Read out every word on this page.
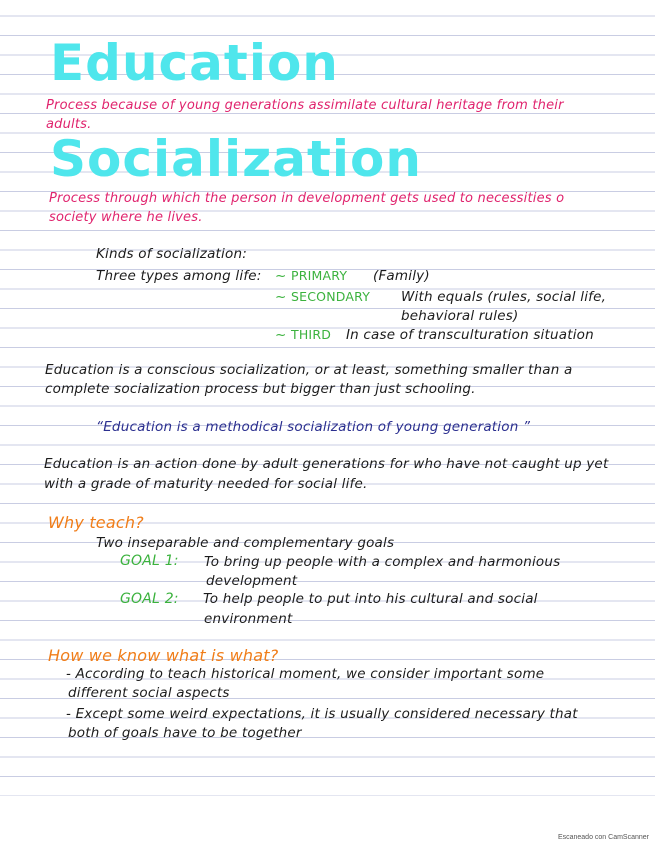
Education
Process because of young generations assimilate cultural heritage from their
adults.
Socialization
Process through which the person in development gets used to necessities o
society where he lives.
Kinds of socialization:
Three types among life: ~ PRIMARY (Family)
~ SECONDARY With equals (rules, social life,
behavioral rules)
~ THIRD In case of transculturation situation
Education is a conscious socialization, or at least, something smaller than a
complete socialization process but bigger than just schooling.
“Education is a methodical socialization of young generation ”
Education is an action done by adult generations for who have not caught up yet
with a grade of maturity needed for social life.
Why teach?
Two inseparable and complementary goals
GOAL 1: To bring up people with a complex and harmonious
development
GOAL 2: To help people to put into his cultural and social
environment
How we know what is what?
- According to teach historical moment, we consider important some
different social aspects
- Except some weird expectations, it is usually considered necessary that
both of goals have to be together
Escaneado con CamScanner
